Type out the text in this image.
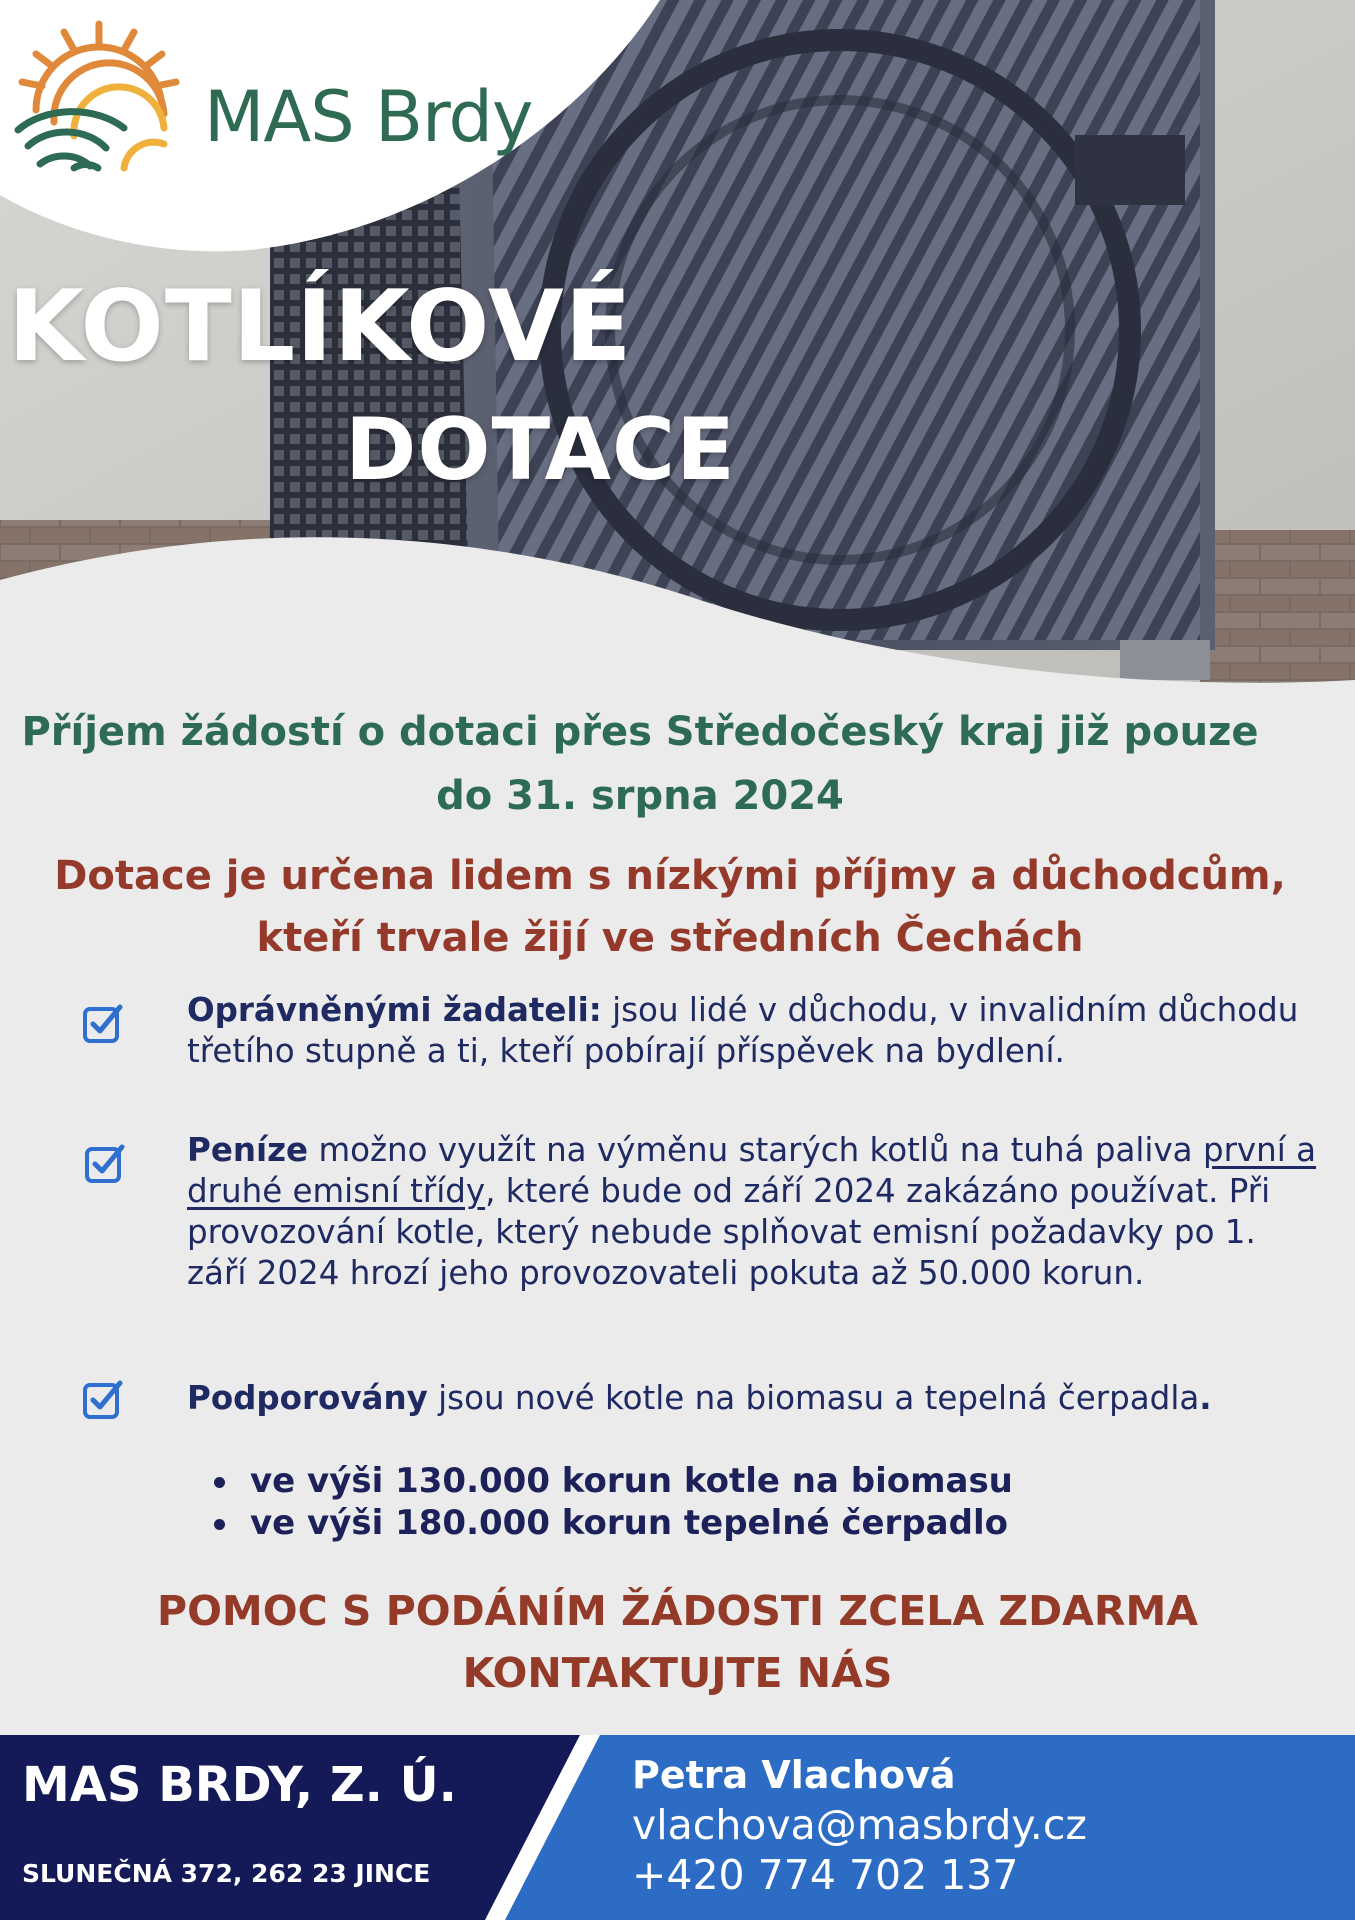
MAS Brdy
KOTLÍKOVÉ
DOTACE
Příjem žádostí o dotaci přes Středočeský kraj již pouze
do 31. srpna 2024
Dotace je určena lidem s nízkými příjmy a důchodcům,
kteří trvale žijí ve středních Čechách
Oprávněnými žadateli: jsou lidé v důchodu, v invalidním důchodu třetího stupně a ti, kteří pobírají příspěvek na bydlení.
Peníze možno využít na výměnu starých kotlů na tuhá paliva první a druhé emisní třídy, které bude od září 2024 zakázáno používat. Při provozování kotle, který nebude splňovat emisní požadavky po 1. září 2024 hrozí jeho provozovateli pokuta až 50.000 korun.
Podporovány jsou nové kotle na biomasu a tepelná čerpadla.
ve výši 130.000 korun kotle na biomasu
ve výši 180.000 korun tepelné čerpadlo
POMOC S PODÁNÍM ŽÁDOSTI ZCELA ZDARMA
KONTAKTUJTE NÁS
MAS BRDY, Z. Ú.
SLUNEČNÁ 372, 262 23 JINCE
Petra Vlachová
vlachova@masbrdy.cz
+420 774 702 137
